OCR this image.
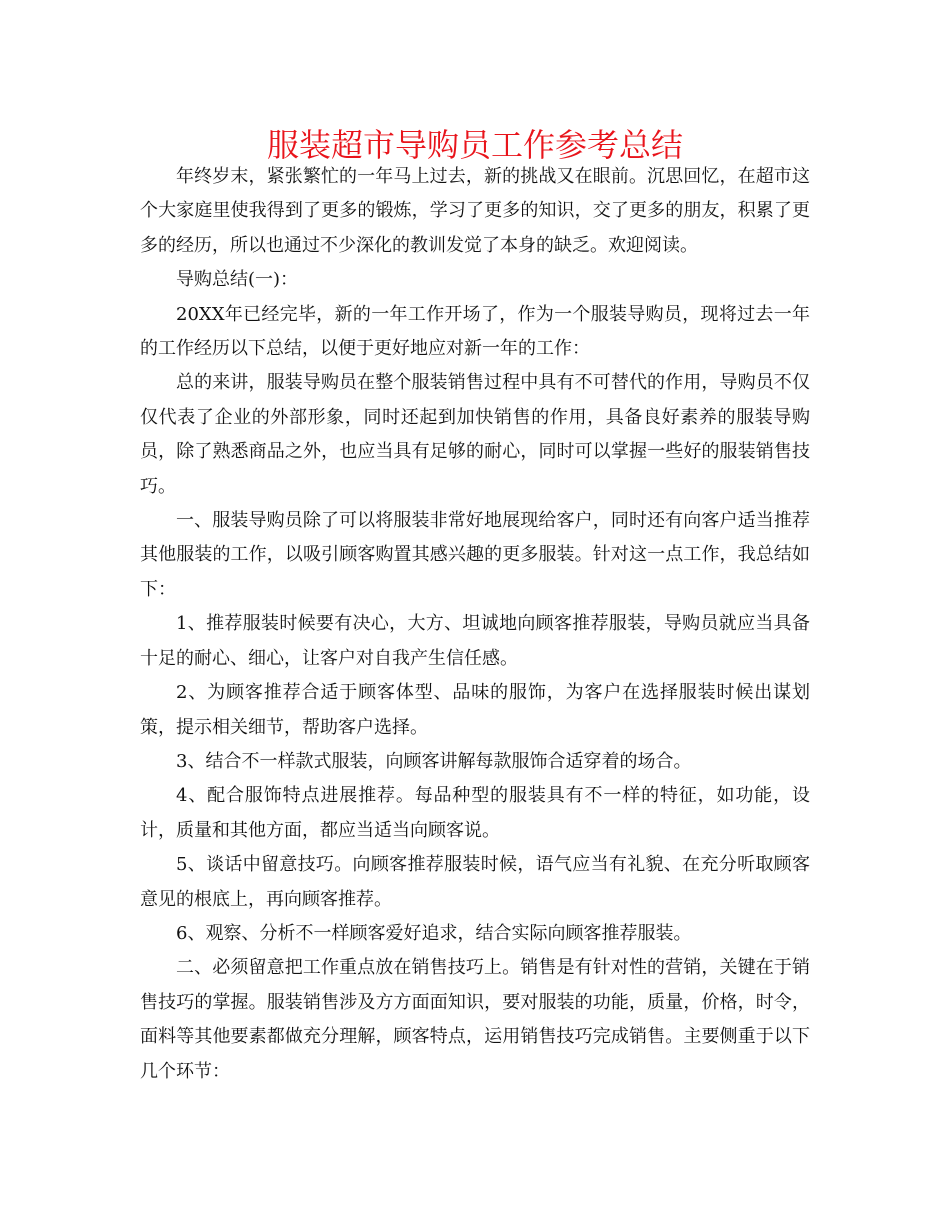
服装超市导购员工作参考总结

年终岁末，紧张繁忙的一年马上过去，新的挑战又在眼前。沉思回忆，在超市这个大家庭里使我得到了更多的锻炼，学习了更多的知识，交了更多的朋友，积累了更多的经历，所以也通过不少深化的教训发觉了本身的缺乏。欢迎阅读。

导购总结(一)：

20XX年已经完毕，新的一年工作开场了，作为一个服装导购员，现将过去一年的工作经历以下总结，以便于更好地应对新一年的工作：

总的来讲，服装导购员在整个服装销售过程中具有不可替代的作用，导购员不仅仅代表了企业的外部形象，同时还起到加快销售的作用，具备良好素养的服装导购员，除了熟悉商品之外，也应当具有足够的耐心，同时可以掌握一些好的服装销售技巧。

一、服装导购员除了可以将服装非常好地展现给客户，同时还有向客户适当推荐其他服装的工作，以吸引顾客购置其感兴趣的更多服装。针对这一点工作，我总结如下：

1、推荐服装时候要有决心，大方、坦诚地向顾客推荐服装，导购员就应当具备十足的耐心、细心，让客户对自我产生信任感。

2、为顾客推荐合适于顾客体型、品味的服饰，为客户在选择服装时候出谋划策，提示相关细节，帮助客户选择。

3、结合不一样款式服装，向顾客讲解每款服饰合适穿着的场合。

4、配合服饰特点进展推荐。每品种型的服装具有不一样的特征，如功能，设计，质量和其他方面，都应当适当向顾客说。

5、谈话中留意技巧。向顾客推荐服装时候，语气应当有礼貌、在充分听取顾客意见的根底上，再向顾客推荐。

6、观察、分析不一样顾客爱好追求，结合实际向顾客推荐服装。

二、必须留意把工作重点放在销售技巧上。销售是有针对性的营销，关键在于销售技巧的掌握。服装销售涉及方方面面知识，要对服装的功能，质量，价格，时令，面料等其他要素都做充分理解，顾客特点，运用销售技巧完成销售。主要侧重于以下几个环节：
